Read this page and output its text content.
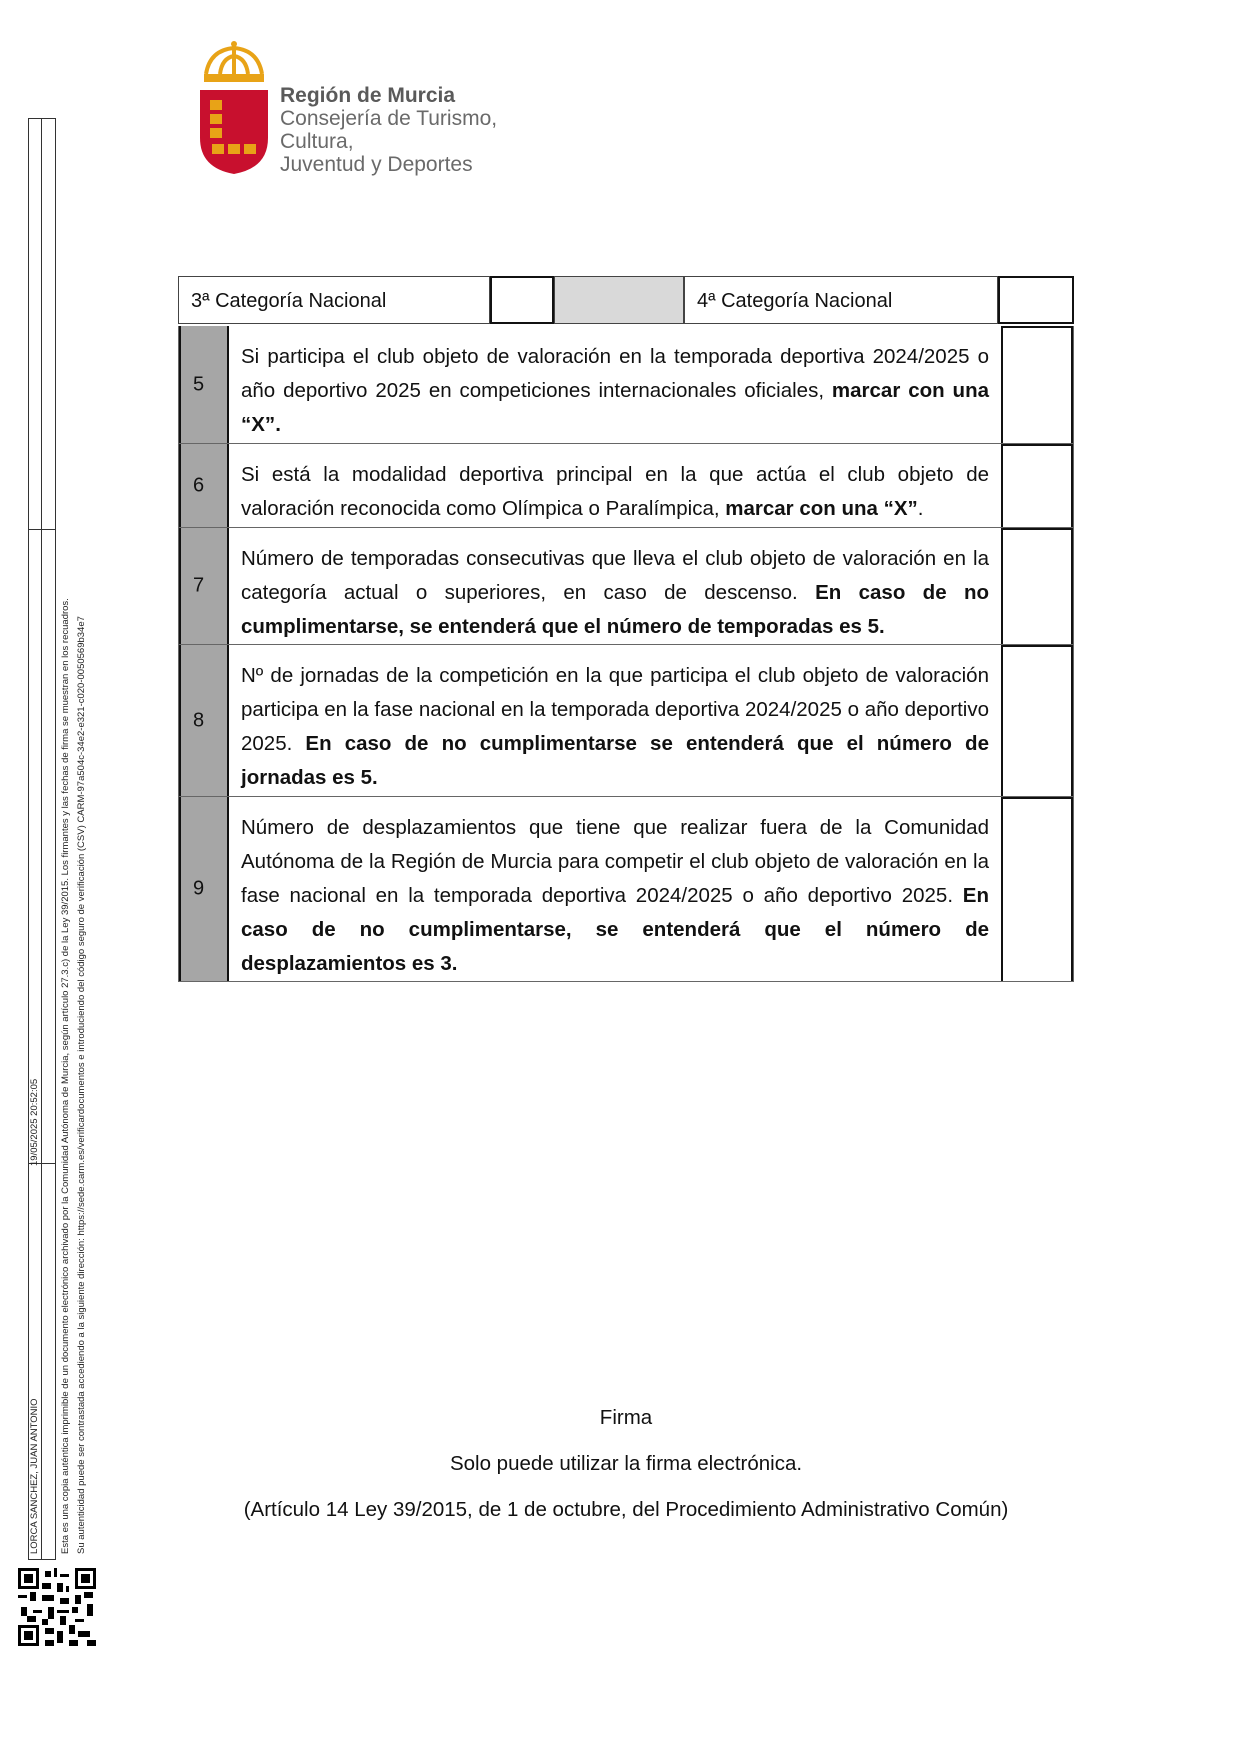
Región de Murcia
Consejería de Turismo, Cultura,
Juventud y Deportes
LORCA SANCHEZ, JUAN ANTONIO
19/05/2025 20:52:05 Esta es una copia auténtica imprimible de un documento electrónico archivado por la Comunidad Autónoma de Murcia, según artículo 27.3.c) de la Ley 39/2015. Los firmantes y las fechas de firma se muestran en los recuadros. Su autenticidad puede ser contrastada accediendo a la siguiente dirección: https://sede.carm.es/verificardocumentos e introduciendo del código seguro de verificación (CSV) CARM-97a504c-34e2-e321-c020-0050569b34e7
3ª Categoría Nacional	4ª Categoría Nacional
5
Si participa el club objeto de valoración en la temporada deportiva 2024/2025 o año deportivo 2025 en competiciones internacionales oficiales, marcar con una “X”.
6 Si está la modalidad deportiva principal en la que actúa el club objeto de valoración reconocida como Olímpica o Paralímpica, marcar con una “X”.
7
Número de temporadas consecutivas que lleva el club objeto de valoración en la categoría actual o superiores, en caso de descenso. En caso de no cumplimentarse, se entenderá que el número de temporadas es 5.
8
Nº de jornadas de la competición en la que participa el club objeto de valoración participa en la fase nacional en la temporada deportiva 2024/2025 o año deportivo 2025. En caso de no cumplimentarse se entenderá que el número de jornadas es 5.
9
Número de desplazamientos que tiene que realizar fuera de la Comunidad Autónoma de la Región de Murcia para competir el club objeto de valoración en la fase nacional en la temporada deportiva 2024/2025 o año deportivo 2025. En caso de no cumplimentarse, se entenderá que el número de desplazamientos es 3.
Firma
Solo puede utilizar la firma electrónica.
(Artículo 14 Ley 39/2015, de 1 de octubre, del Procedimiento Administrativo Común)
